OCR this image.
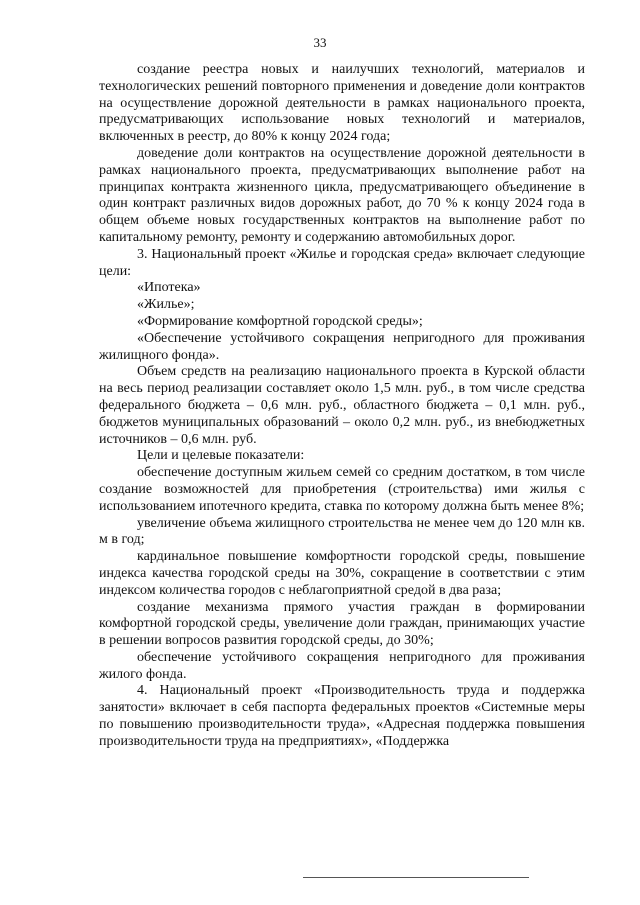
33

создание реестра новых и наилучших технологий, материалов и технологических решений повторного применения и доведение доли контрактов на осуществление дорожной деятельности в рамках национального проекта, предусматривающих использование новых технологий и материалов, включенных в реестр, до 80% к концу 2024 года;

доведение доли контрактов на осуществление дорожной деятельности в рамках национального проекта, предусматривающих выполнение работ на принципах контракта жизненного цикла, предусматривающего объединение в один контракт различных видов дорожных работ, до 70 % к концу 2024 года в общем объеме новых государственных контрактов на выполнение работ по капитальному ремонту, ремонту и содержанию автомобильных дорог.

3. Национальный проект «Жилье и городская среда» включает следующие цели:

«Ипотека»

«Жилье»;

«Формирование комфортной городской среды»;

«Обеспечение устойчивого сокращения непригодного для проживания жилищного фонда».

Объем средств на реализацию национального проекта в Курской области на весь период реализации составляет около 1,5 млн. руб., в том числе средства федерального бюджета – 0,6 млн. руб., областного бюджета – 0,1 млн. руб., бюджетов муниципальных образований – около 0,2 млн. руб., из внебюджетных источников – 0,6 млн. руб.

Цели и целевые показатели:

обеспечение доступным жильем семей со средним достатком, в том числе создание возможностей для приобретения (строительства) ими жилья с использованием ипотечного кредита, ставка по которому должна быть менее 8%;

увеличение объема жилищного строительства не менее чем до 120 млн кв. м в год;

кардинальное повышение комфортности городской среды, повышение индекса качества городской среды на 30%, сокращение в соответствии с этим индексом количества городов с неблагоприятной средой в два раза;

создание механизма прямого участия граждан в формировании комфортной городской среды, увеличение доли граждан, принимающих участие в решении вопросов развития городской среды, до 30%;

обеспечение устойчивого сокращения непригодного для проживания жилого фонда.

4. Национальный проект «Производительность труда и поддержка занятости» включает в себя паспорта федеральных проектов «Системные меры по повышению производительности труда», «Адресная поддержка повышения производительности труда на предприятиях», «Поддержка
